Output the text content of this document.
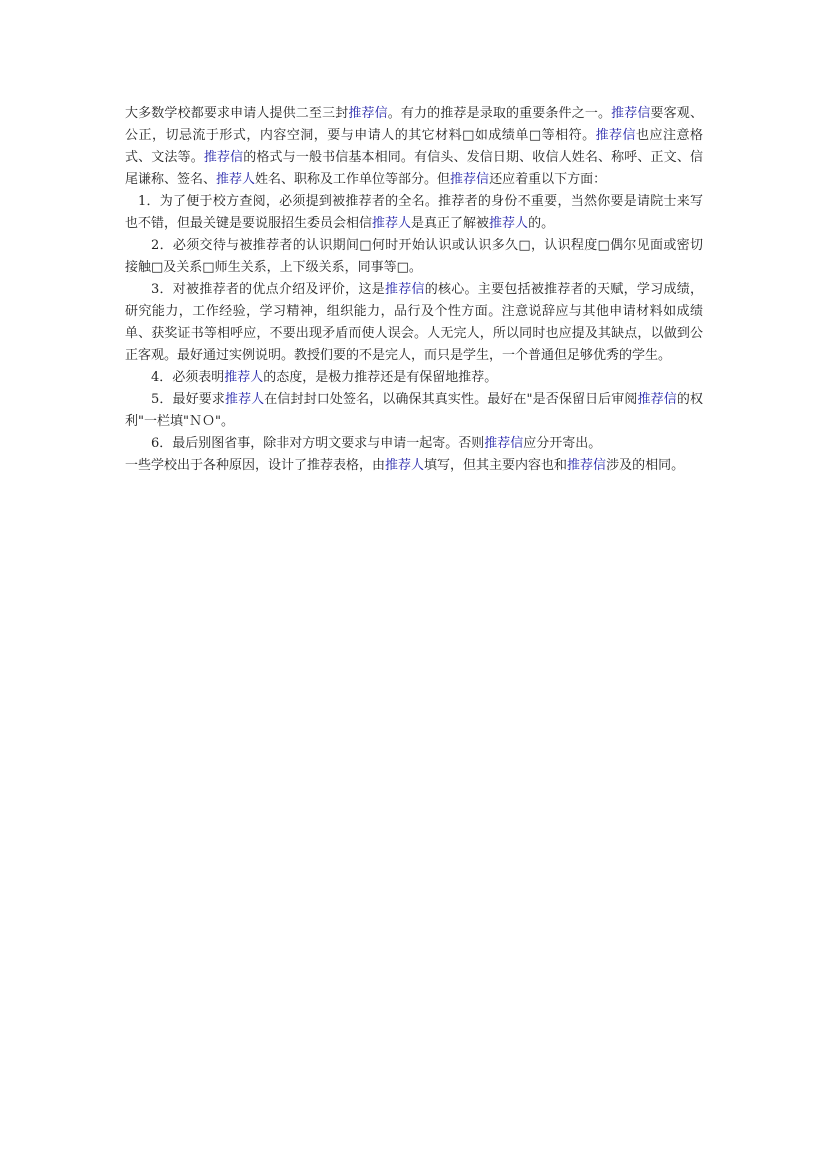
大多数学校都要求申请人提供二至三封推荐信。有力的推荐是录取的重要条件之一。推荐信要客观、公正，切忌流于形式，内容空洞，要与申请人的其它材料□如成绩单□等相符。推荐信也应注意格式、文法等。推荐信的格式与一般书信基本相同。有信头、发信日期、收信人姓名、称呼、正文、信尾谦称、签名、推荐人姓名、职称及工作单位等部分。但推荐信还应着重以下方面：

1．为了便于校方查阅，必须提到被推荐者的全名。推荐者的身份不重要，当然你要是请院士来写也不错，但最关键是要说服招生委员会相信推荐人是真正了解被推荐人的。

2．必须交待与被推荐者的认识期间□何时开始认识或认识多久□，认识程度□偶尔见面或密切接触□及关系□师生关系，上下级关系，同事等□。

3．对被推荐者的优点介绍及评价，这是推荐信的核心。主要包括被推荐者的天赋，学习成绩，研究能力，工作经验，学习精神，组织能力，品行及个性方面。注意说辞应与其他申请材料如成绩单、获奖证书等相呼应，不要出现矛盾而使人误会。人无完人，所以同时也应提及其缺点，以做到公正客观。最好通过实例说明。教授们要的不是完人，而只是学生，一个普通但足够优秀的学生。

4．必须表明推荐人的态度，是极力推荐还是有保留地推荐。

5．最好要求推荐人在信封封口处签名，以确保其真实性。最好在"是否保留日后审阅推荐信的权利"一栏填"ＮＯ"。

6．最后别图省事，除非对方明文要求与申请一起寄。否则推荐信应分开寄出。

一些学校出于各种原因，设计了推荐表格，由推荐人填写，但其主要内容也和推荐信涉及的相同。
